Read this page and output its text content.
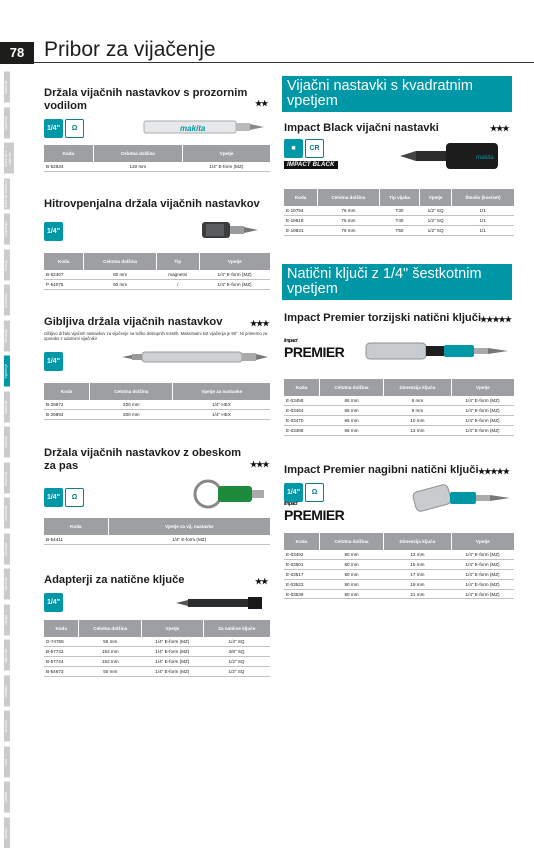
78 Pribor za vijačenje
Bušenje
Vijačenje
Bušenje s udarom
Bušenje čekićem
Dlijetanje
Kruna
Brušenje
Rezanje
Vijačenje
Bušenje
Vijčanje
Brušenje
Nastavak
Rezanje
Oprema
Njega
Mjerenje
Dodatci
Izmjena
Alat
Zaštita
Ostalo
Držala vijačnih nastavkov s prozornim vodilom	★★
1/4"	Ω	makita
Koda	Celotna dolžina	Vpetje
B-52934	120 mm	1/4" E-form (MZ)
Hitrovpenjalna držala vijačnih nastavkov
1/4"
Koda	Celotna dolžina	Tip	Vpetje
B-52467	60 mm	magnetni	1/4" E-form (MZ)
P-54075	60 mm	/	1/4" E-form (MZ)
Gibljiva držala vijačnih nastavkov	★★★
Gibljivo držalo vijačnih nastavkov za vijačenje na težko dostopnih mestih. Maksimalni kot vijačenja je 90°. Ni primerno za uporabo z udarnimi vijačniki!
1/4"
Koda	Celotna dolžina	Vpetje za nastavke
B-29872	200 mm	1/4" HEX
B-29894	300 mm	1/4" HEX
Držala vijačnih nastavkov z obeskom za pas	★★★
1/4"	Ω
Koda	Vpetje za vij. nastavke
B-54411	1/4" E-form (MZ)
Adapterji za natične ključe	★★
1/4"
Koda	Celotna dolžina	Vpetje	Za natične ključe
D-74768	50 mm	1/4" E-form (MZ)	1/4" SQ
B-57733	152 mm	1/4" E-form (MZ)	3/8" SQ
B-57744	152 mm	1/4" E-form (MZ)	1/2" SQ
B-54673	50 mm	1/4" E-form (MZ)	1/2" SQ
Vijačni nastavki s kvadratnim vpetjem
Impact Black vijačni nastavki	★★★
■	CR
IMPACT BLACK
makita
Koda	Celotna dolžina	Tip vijaka	Vpetje	Število (kos/set)
E-19794	76 mm	T30	1/2" SQ	1/1
E-19819	76 mm	T40	1/2" SQ	1/1
E-19831	76 mm	T50	1/2" SQ	1/1
Natični ključi z 1/4" šestkotnim vpetjem
Impact Premier torzijski natični ključi
★★★★★
Impact
PREMIER
Koda	Celotna dolžina	Dimenzija ključa	Vpetje
E-03458	65 mm	6 mm	1/4" E-form (MZ)
E-03464	65 mm	8 mm	1/4" E-form (MZ)
E-03470	65 mm	10 mm	1/4" E-form (MZ)
E-03486	65 mm	13 mm	1/4" E-form (MZ)
Impact Premier nagibni natični ključi ★★★★★
1/4"	Ω
Impact
PREMIER
Koda	Celotna dolžina	Dimenzija ključa	Vpetje
E-03492	80 mm	13 mm	1/4" E-form (MZ)
E-03501	80 mm	15 mm	1/4" E-form (MZ)
E-03517	80 mm	17 mm	1/4" E-form (MZ)
E-03523	80 mm	19 mm	1/4" E-form (MZ)
E-03539	80 mm	21 mm	1/4" E-form (MZ)
